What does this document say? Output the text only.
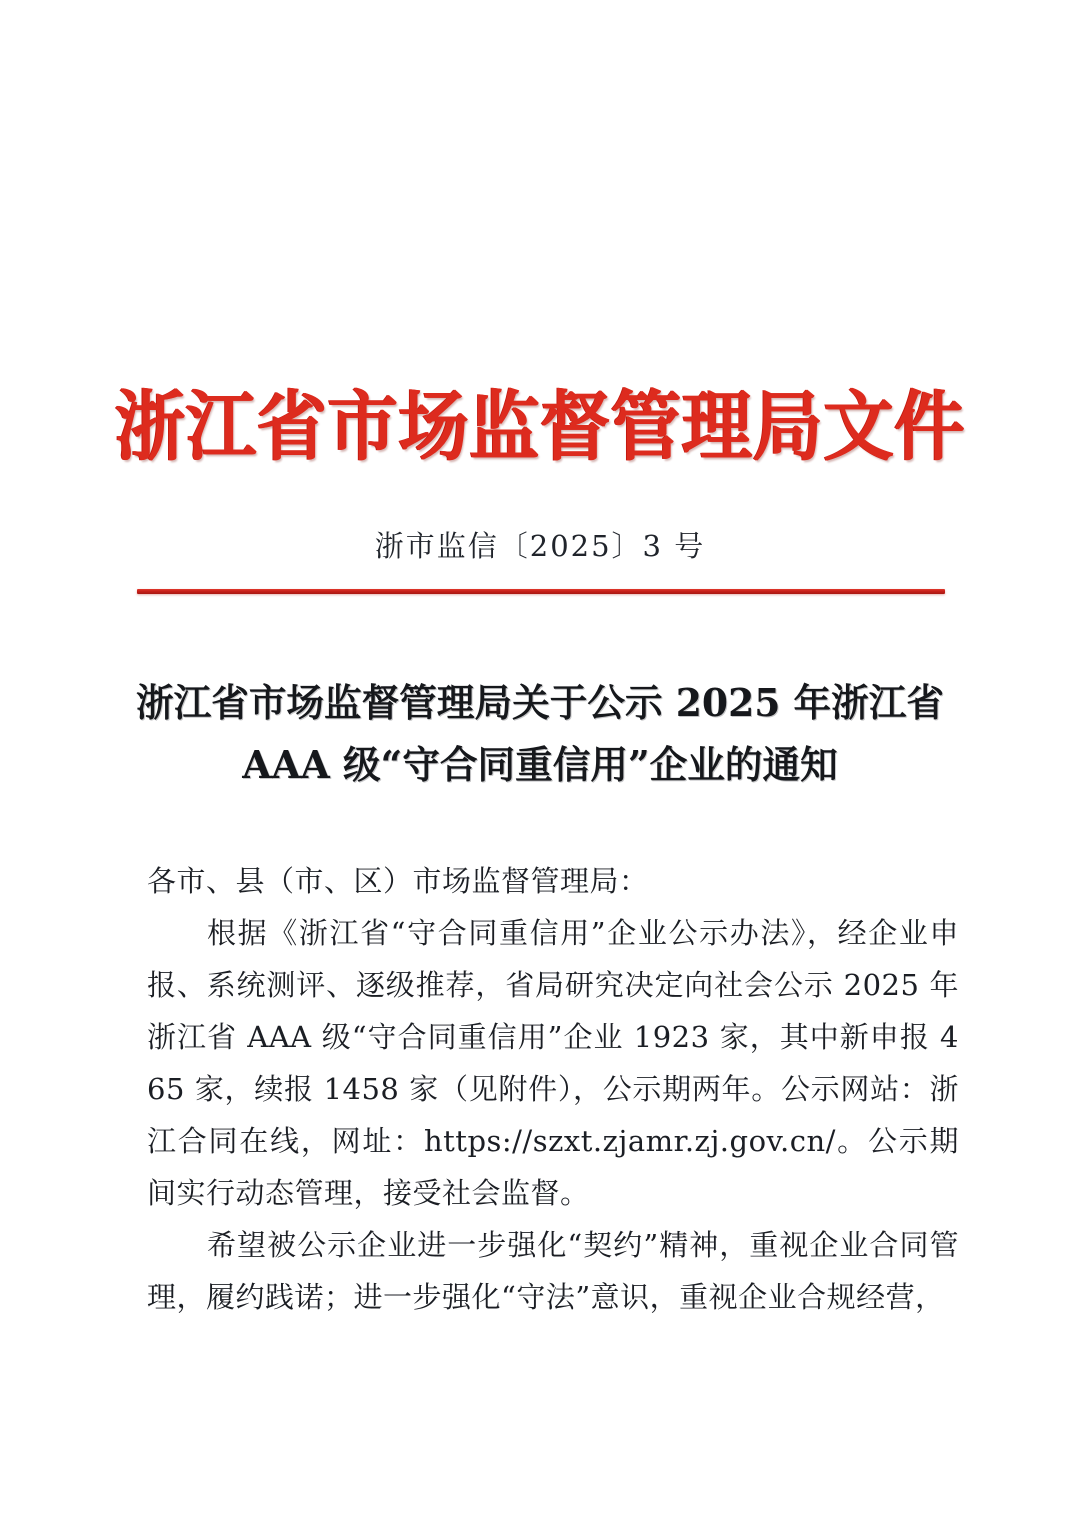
浙江省市场监督管理局文件
浙市监信〔2025〕3 号
浙江省市场监督管理局关于公示 2025 年浙江省
AAA 级“守合同重信用”企业的通知

各市、县（市、区）市场监督管理局：

根据《浙江省“守合同重信用”企业公示办法》，经企业申报、系统测评、逐级推荐，省局研究决定向社会公示 2025 年浙江省 AAA 级“守合同重信用”企业 1923 家，其中新申报 465 家，续报 1458 家（见附件），公示期两年。公示网站：浙江合同在线，网址：https://szxt.zjamr.zj.gov.cn/。公示期间实行动态管理，接受社会监督。

希望被公示企业进一步强化“契约”精神，重视企业合同管理，履约践诺；进一步强化“守法”意识，重视企业合规经营，
